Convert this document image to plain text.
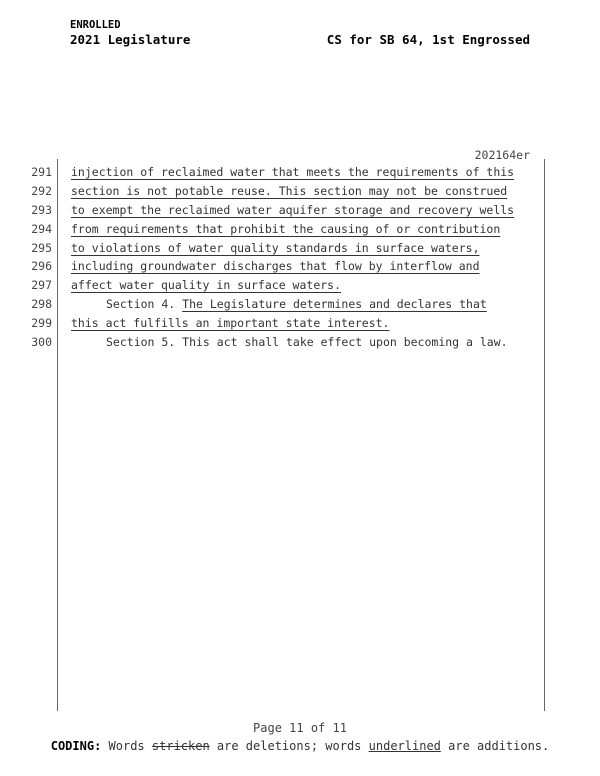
ENROLLED
2021 Legislature	CS for SB 64, 1st Engrossed
202164er
291 injection of reclaimed water that meets the requirements of this
292 section is not potable reuse. This section may not be construed
293 to exempt the reclaimed water aquifer storage and recovery wells
294 from requirements that prohibit the causing of or contribution
295 to violations of water quality standards in surface waters,
296 including groundwater discharges that flow by interflow and
297 affect water quality in surface waters.
298	Section 4. The Legislature determines and declares that
299 this act fulfills an important state interest.
300	Section 5. This act shall take effect upon becoming a law.
Page 11 of 11
CODING: Words stricken are deletions; words underlined are additions.
